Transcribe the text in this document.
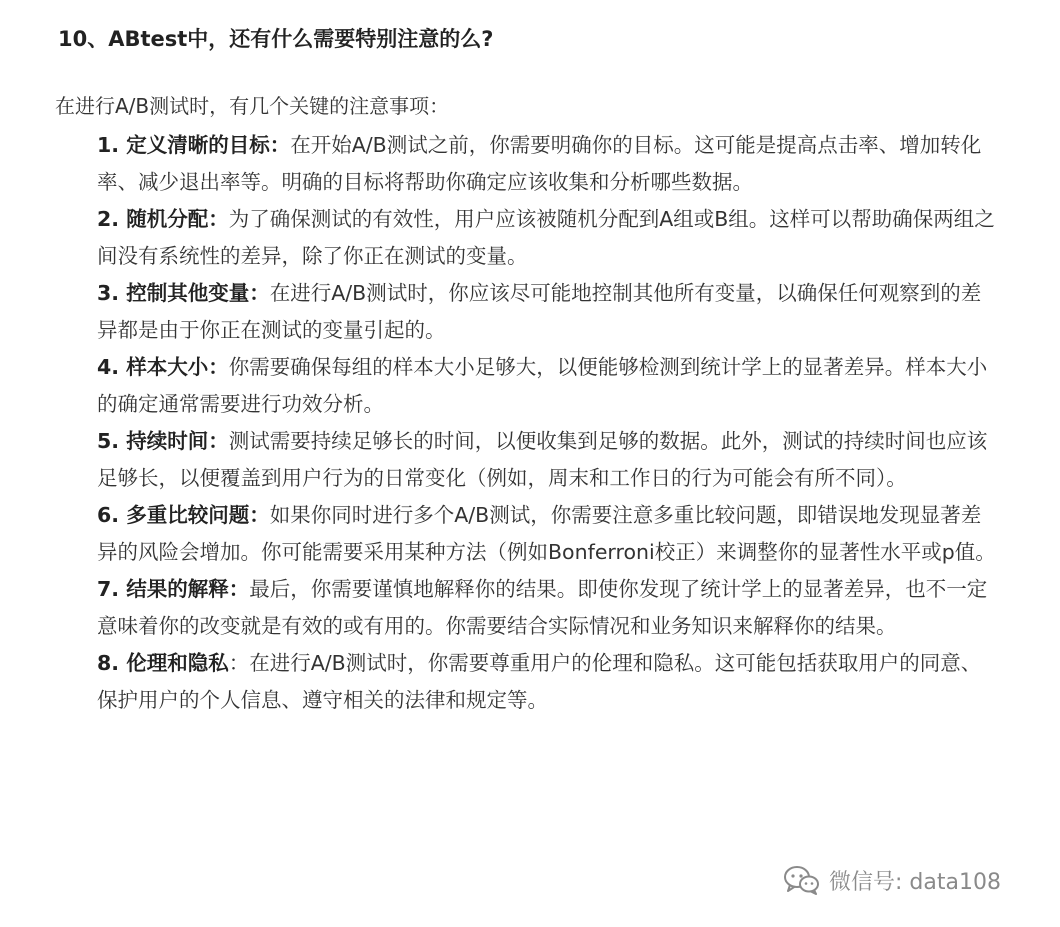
10、ABtest中，还有什么需要特别注意的么?
在进行A/B测试时，有几个关键的注意事项：

1. 定义清晰的目标：在开始A/B测试之前，你需要明确你的目标。这可能是提高点击率、增加转化率、减少退出率等。明确的目标将帮助你确定应该收集和分析哪些数据。

2. 随机分配：为了确保测试的有效性，用户应该被随机分配到A组或B组。这样可以帮助确保两组之间没有系统性的差异，除了你正在测试的变量。

3. 控制其他变量：在进行A/B测试时，你应该尽可能地控制其他所有变量，以确保任何观察到的差异都是由于你正在测试的变量引起的。

4. 样本大小：你需要确保每组的样本大小足够大，以便能够检测到统计学上的显著差异。样本大小的确定通常需要进行功效分析。

5. 持续时间：测试需要持续足够长的时间，以便收集到足够的数据。此外，测试的持续时间也应该足够长，以便覆盖到用户行为的日常变化（例如，周末和工作日的行为可能会有所不同）。

6. 多重比较问题：如果你同时进行多个A/B测试，你需要注意多重比较问题，即错误地发现显著差异的风险会增加。你可能需要采用某种方法（例如Bonferroni校正）来调整你的显著性水平或p值。

7. 结果的解释：最后，你需要谨慎地解释你的结果。即使你发现了统计学上的显著差异，也不一定意味着你的改变就是有效的或有用的。你需要结合实际情况和业务知识来解释你的结果。

8. 伦理和隐私：在进行A/B测试时，你需要尊重用户的伦理和隐私。这可能包括获取用户的同意、保护用户的个人信息、遵守相关的法律和规定等。

微信号: data108
